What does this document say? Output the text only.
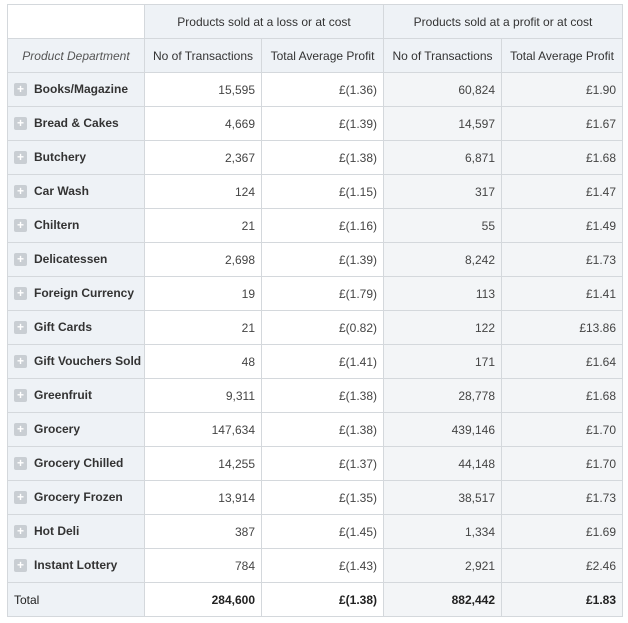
	Products sold at a loss or at cost		Products sold at a profit or at cost	
Product Department	No of Transactions	Total Average Profit	No of Transactions	Total Average Profit
+ Books/Magazine	15,595	£(1.36)	60,824	£1.90
+ Bread & Cakes	4,669	£(1.39)	14,597	£1.67
+ Butchery	2,367	£(1.38)	6,871	£1.68
+ Car Wash	124	£(1.15)	317	£1.47
+ Chiltern	21	£(1.16)	55	£1.49
+ Delicatessen	2,698	£(1.39)	8,242	£1.73
+ Foreign Currency	19	£(1.79)	113	£1.41
+ Gift Cards	21	£(0.82)	122	£13.86
+ Gift Vouchers Sold	48	£(1.41)	171	£1.64
+ Greenfruit	9,311	£(1.38)	28,778	£1.68
+ Grocery	147,634	£(1.38)	439,146	£1.70
+ Grocery Chilled	14,255	£(1.37)	44,148	£1.70
+ Grocery Frozen	13,914	£(1.35)	38,517	£1.73
+ Hot Deli	387	£(1.45)	1,334	£1.69
+ Instant Lottery	784	£(1.43)	2,921	£2.46
Total	284,600	£(1.38)	882,442	£1.83
